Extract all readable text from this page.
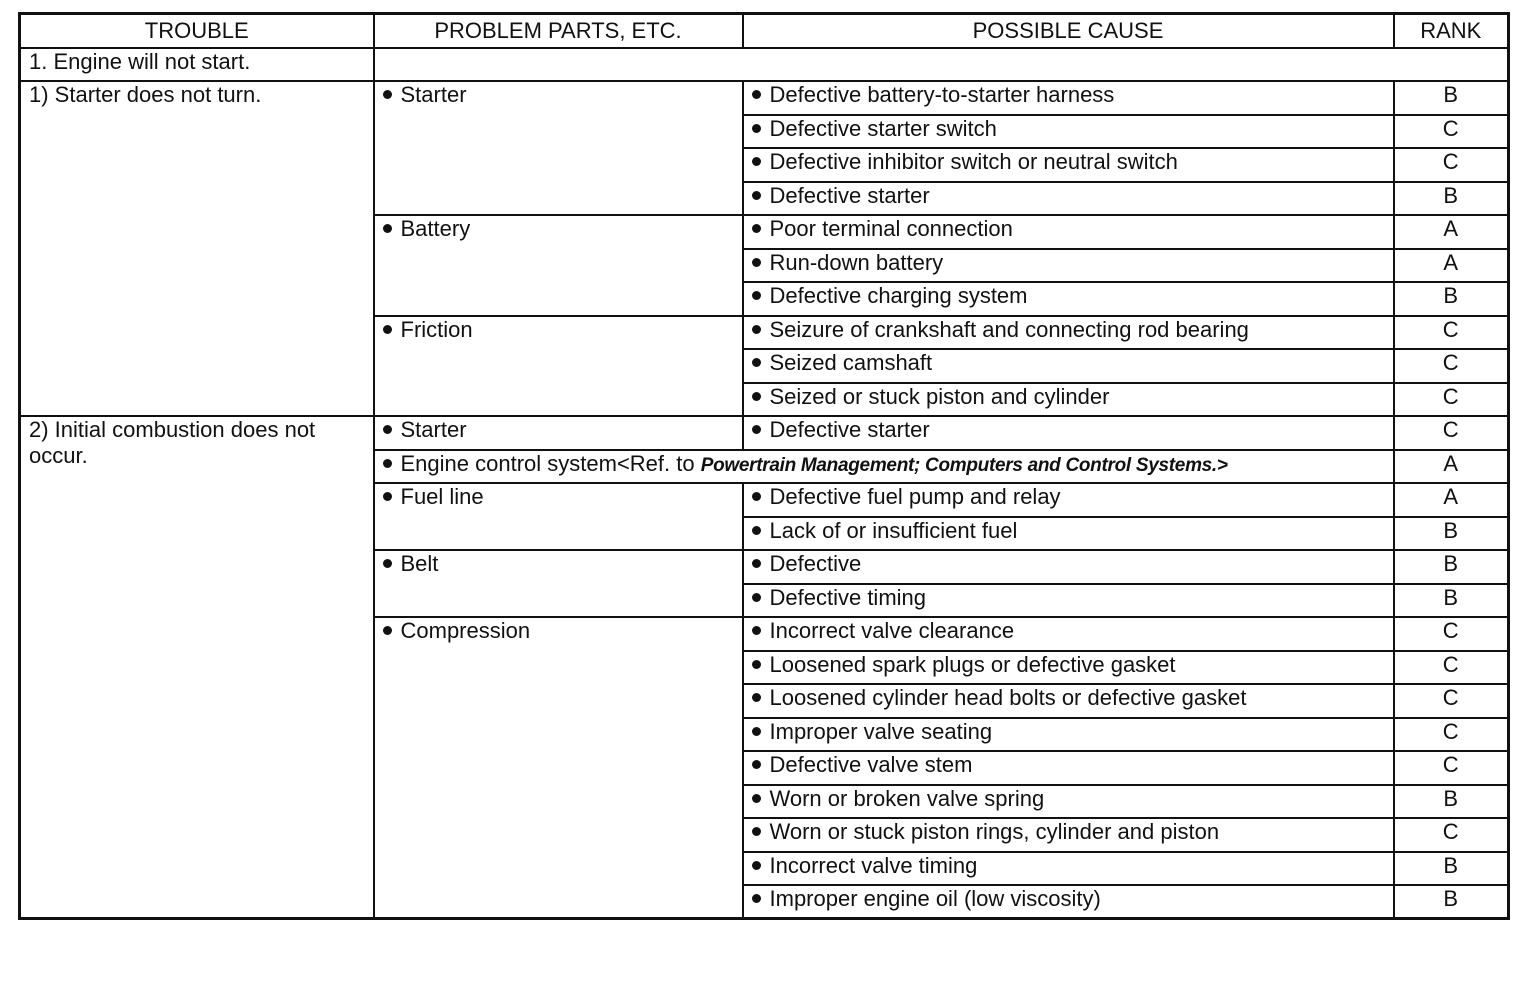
TROUBLE	PROBLEM PARTS, ETC.	POSSIBLE CAUSE	RANK
1. Engine will not start.			
1) Starter does not turn.	Starter	Defective battery-to-starter harness	B
		Defective starter switch	C
		Defective inhibitor switch or neutral switch	C
		Defective starter	B
	Battery	Poor terminal connection	A
		Run-down battery	A
		Defective charging system	B
	Friction	Seizure of crankshaft and connecting rod bearing	C
		Seized camshaft	C
		Seized or stuck piston and cylinder	C
2) Initial combustion does not occur.	Starter	Defective starter	C
	Engine control system<Ref. to Powertrain Management; Computers and Control Systems.>		A
	Fuel line	Defective fuel pump and relay	A
		Lack of or insufficient fuel	B
	Belt	Defective	B
		Defective timing	B
	Compression	Incorrect valve clearance	C
		Loosened spark plugs or defective gasket	C
		Loosened cylinder head bolts or defective gasket	C
		Improper valve seating	C
		Defective valve stem	C
		Worn or broken valve spring	B
		Worn or stuck piston rings, cylinder and piston	C
		Incorrect valve timing	B
		Improper engine oil (low viscosity)	B
